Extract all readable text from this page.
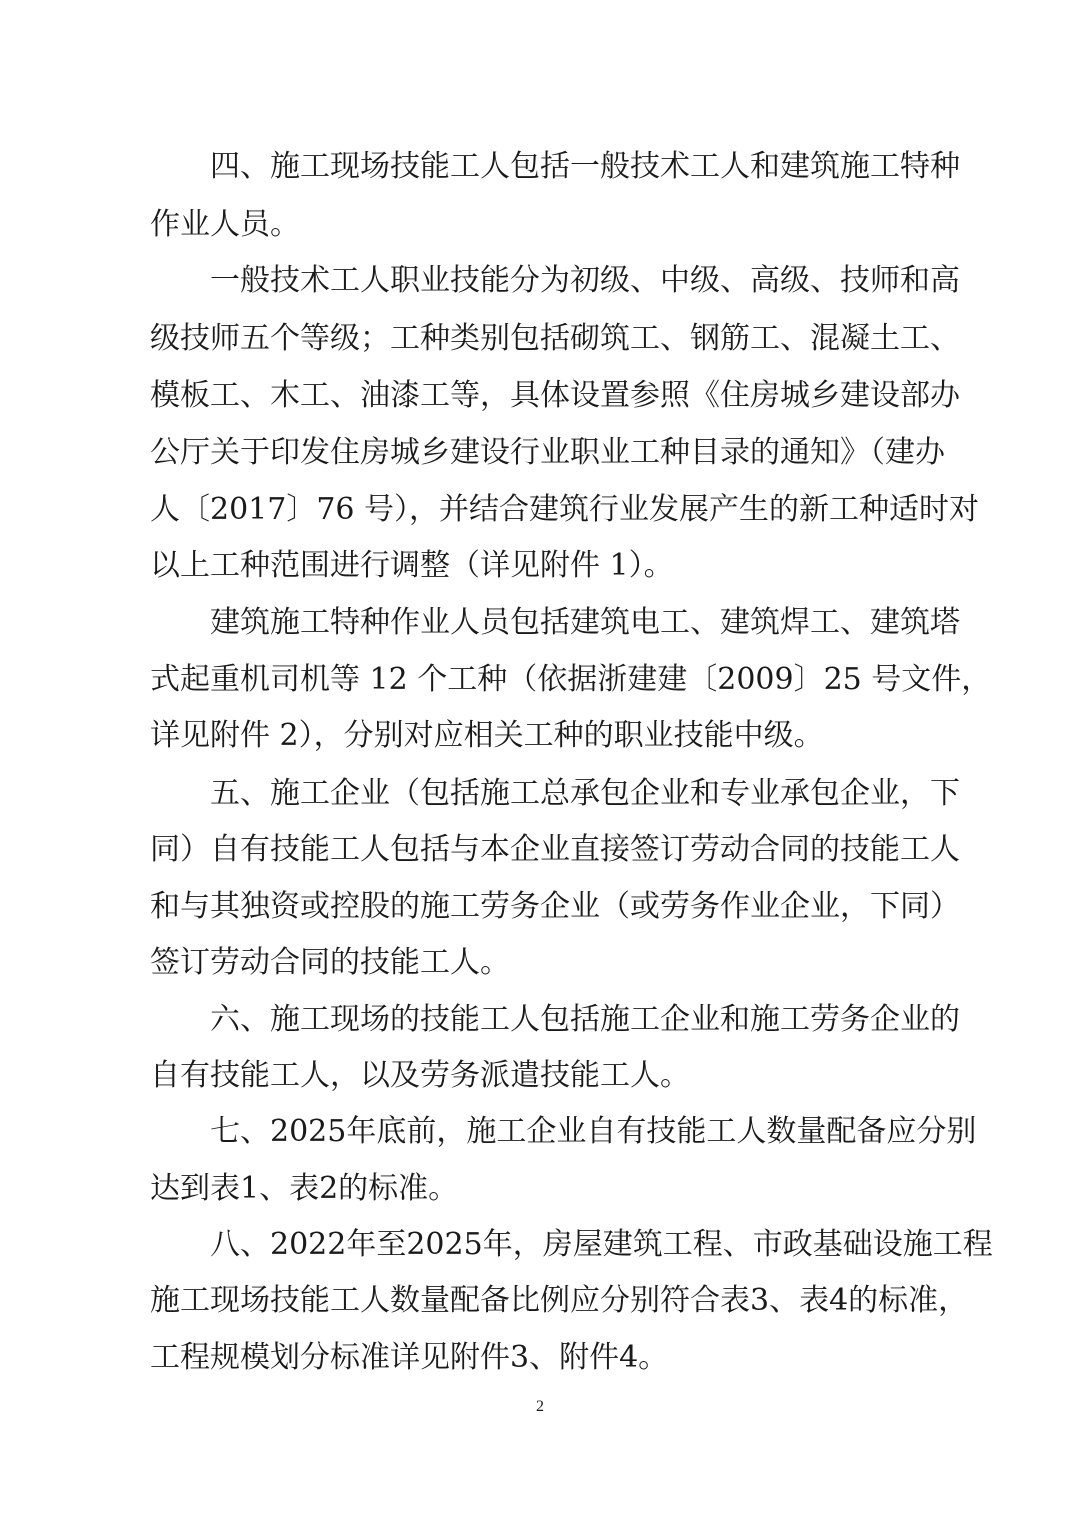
四、施工现场技能工人包括一般技术工人和建筑施工特种

作业人员。

一般技术工人职业技能分为初级、中级、高级、技师和高

级技师五个等级；工种类别包括砌筑工、钢筋工、混凝土工、

模板工、木工、油漆工等，具体设置参照《住房城乡建设部办

公厅关于印发住房城乡建设行业职业工种目录的通知》（建办

人〔2017〕76 号），并结合建筑行业发展产生的新工种适时对

以上工种范围进行调整（详见附件 1）。

建筑施工特种作业人员包括建筑电工、建筑焊工、建筑塔

式起重机司机等 12 个工种（依据浙建建〔2009〕25 号文件，

详见附件 2），分别对应相关工种的职业技能中级。

五、施工企业（包括施工总承包企业和专业承包企业，下

同）自有技能工人包括与本企业直接签订劳动合同的技能工人

和与其独资或控股的施工劳务企业（或劳务作业企业，下同）

签订劳动合同的技能工人。

六、施工现场的技能工人包括施工企业和施工劳务企业的

自有技能工人，以及劳务派遣技能工人。

七、2025年底前，施工企业自有技能工人数量配备应分别

达到表1、表2的标准。

八、2022年至2025年，房屋建筑工程、市政基础设施工程

施工现场技能工人数量配备比例应分别符合表3、表4的标准，

工程规模划分标准详见附件3、附件4。

2
